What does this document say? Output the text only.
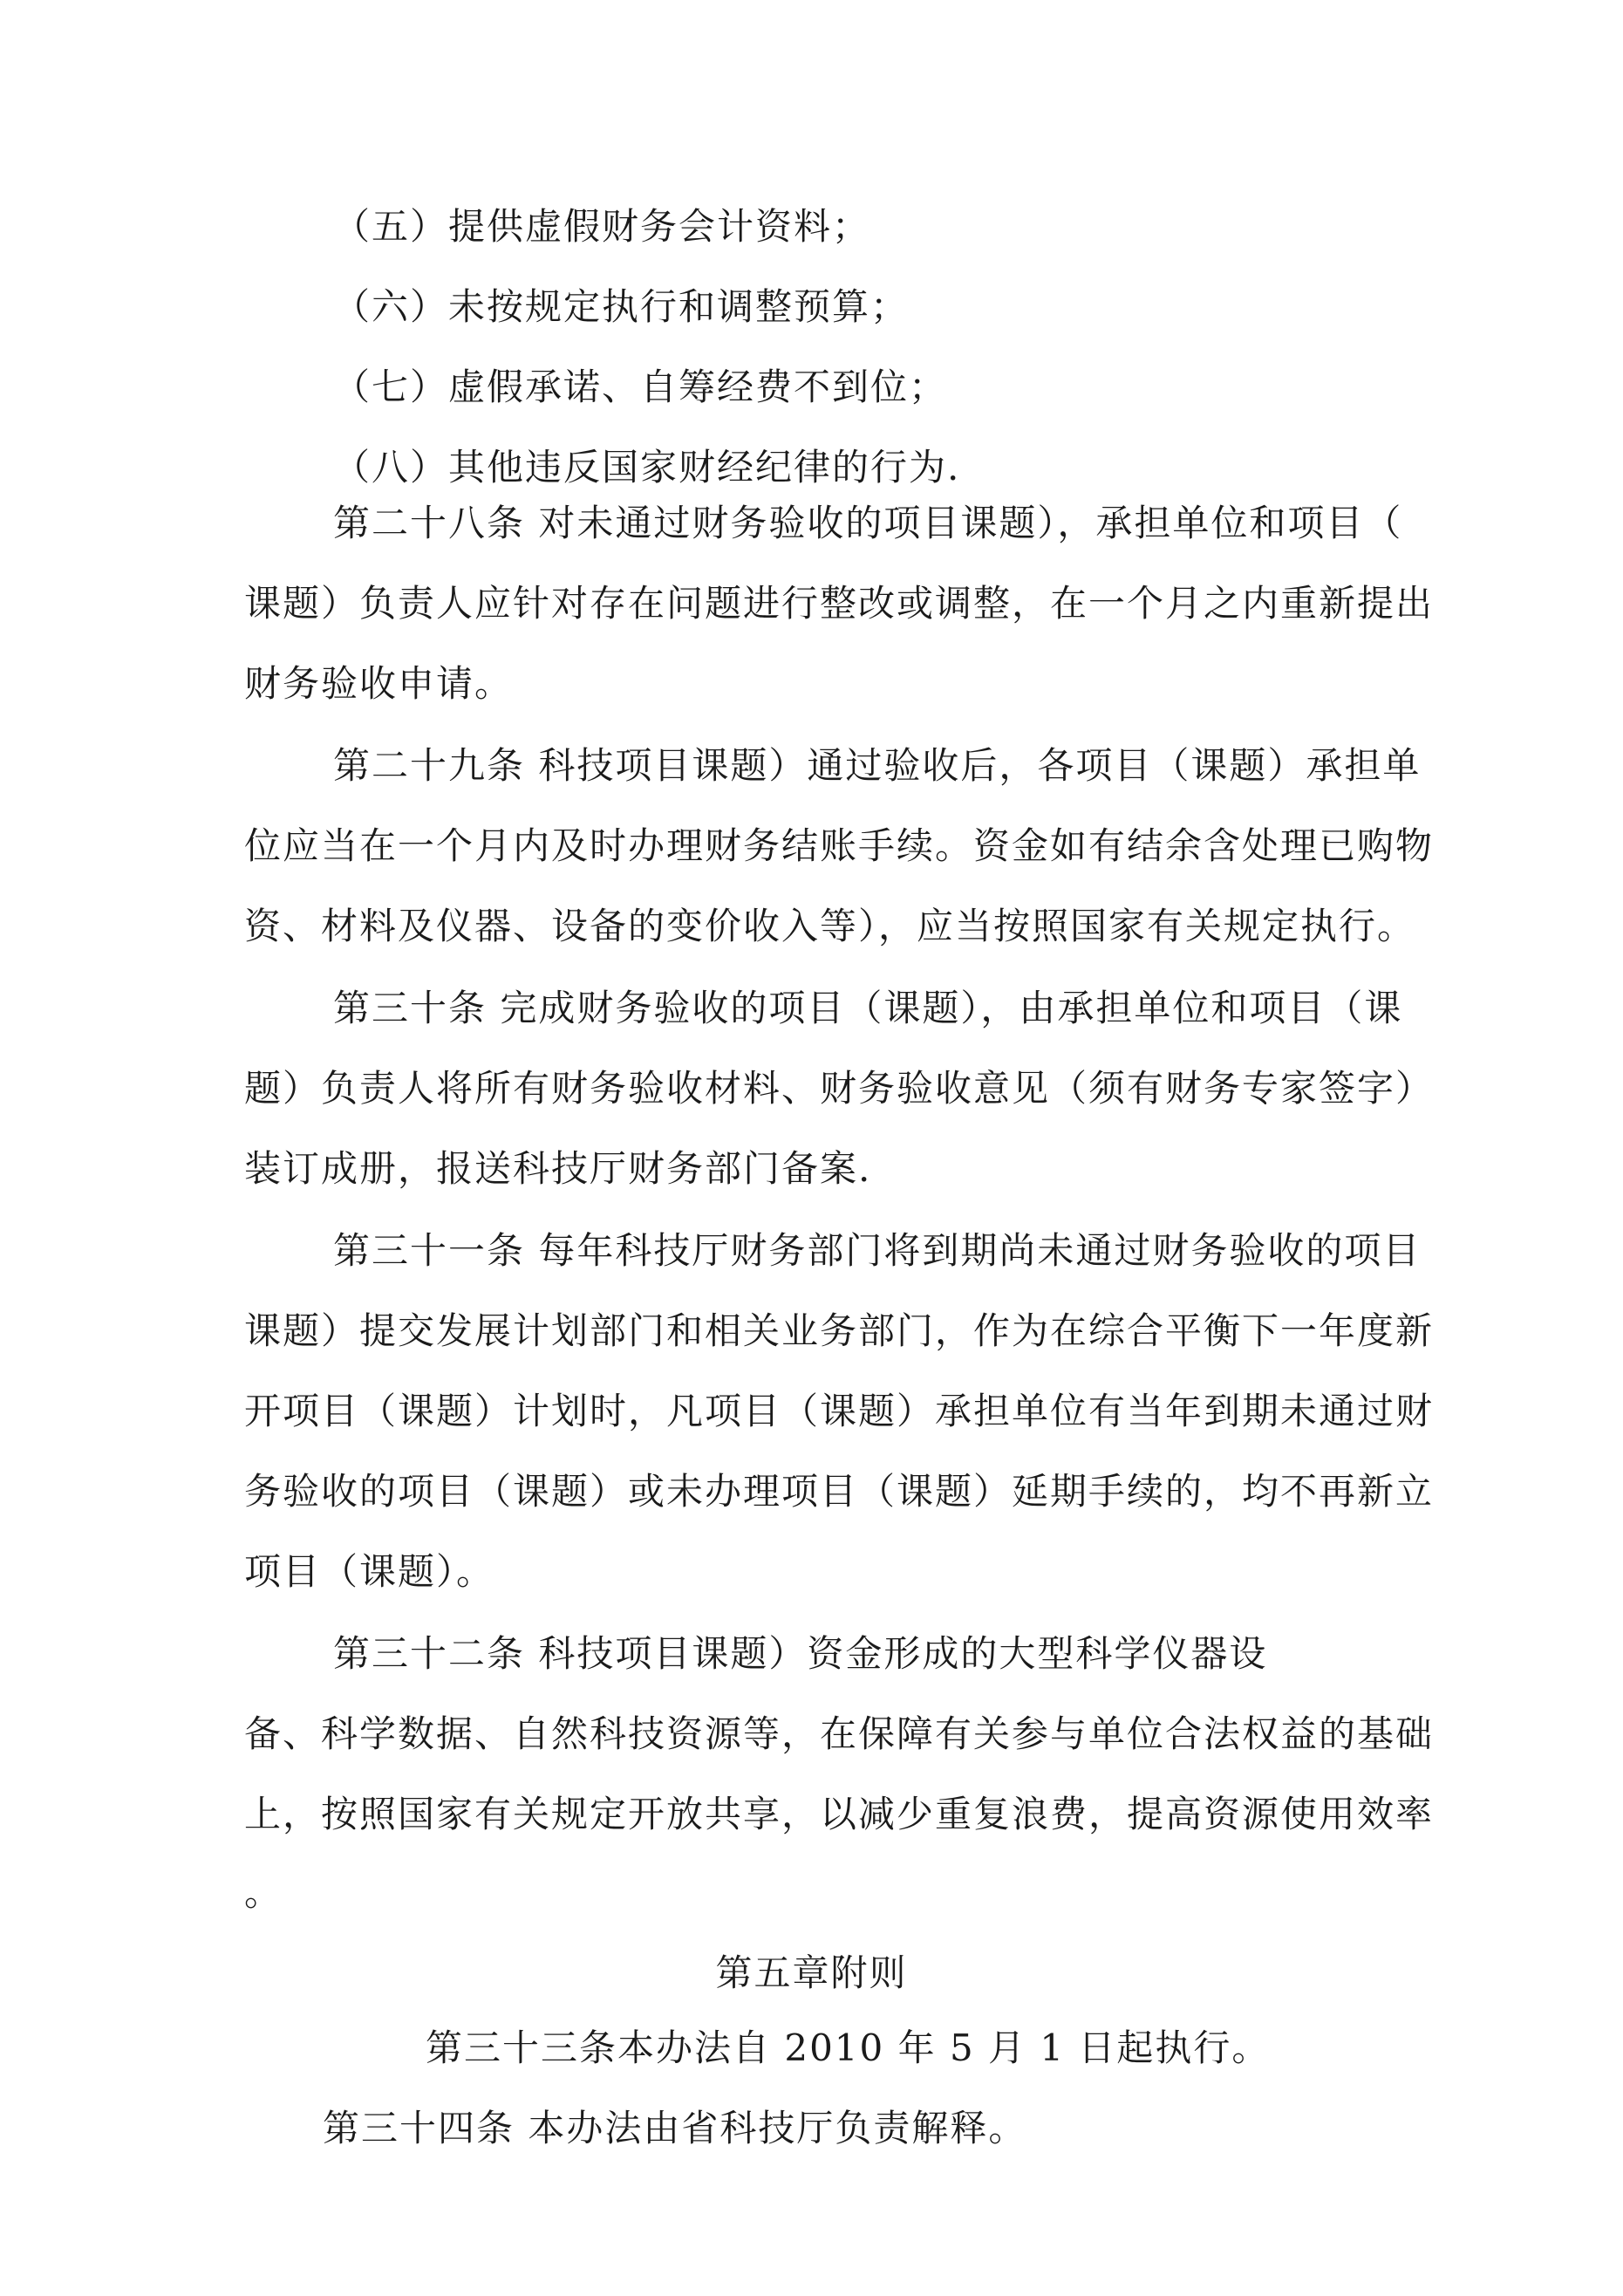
（五）提供虚假财务会计资料；
（六）未按规定执行和调整预算；
（七）虚假承诺、自筹经费不到位；
（八）其他违反国家财经纪律的行为.
第二十八条 对未通过财务验收的项目课题），承担单位和项目（
课题）负责人应针对存在问题进行整改或调整，在一个月之内重新提出
财务验收申请。
第二十九条 科技项目课题）通过验收后，各项目（课题）承担单
位应当在一个月内及时办理财务结账手续。资金如有结余含处理已购物
资、材料及仪器、设备的变价收入等），应当按照国家有关规定执行。
第三十条 完成财务验收的项目（课题），由承担单位和项目（课
题）负责人将所有财务验收材料、财务验收意见（须有财务专家签字）
装订成册，报送科技厅财务部门备案.
第三十一条 每年科技厅财务部门将到期尚未通过财务验收的项目
课题）提交发展计划部门和相关业务部门，作为在综合平衡下一年度新
开项目（课题）计划时，凡项目（课题）承担单位有当年到期未通过财
务验收的项目（课题）或未办理项目（课题）延期手续的，均不再新立
项目（课题）。
第三十二条 科技项目课题）资金形成的大型科学仪器设
备、科学数据、自然科技资源等，在保障有关参与单位合法权益的基础
上，按照国家有关规定开放共享，以减少重复浪费，提高资源使用效率
。
第五章附则
第三十三条本办法自 2010 年 5 月 1 日起执行。
第三十四条 本办法由省科技厅负责解释。
